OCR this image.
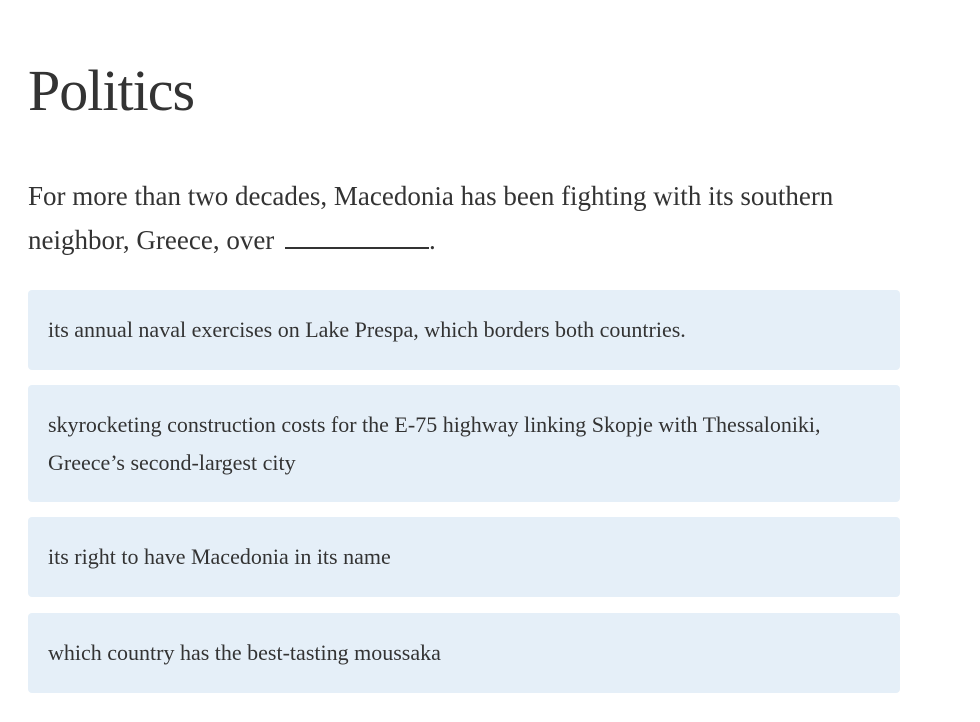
Politics

For more than two decades, Macedonia has been fighting with its southern neighbor, Greece, over	.

its annual naval exercises on Lake Prespa, which borders both countries.
skyrocketing construction costs for the E-75 highway linking Skopje with Thessaloniki, Greece’s second-largest city
its right to have Macedonia in its name
which country has the best-tasting moussaka
